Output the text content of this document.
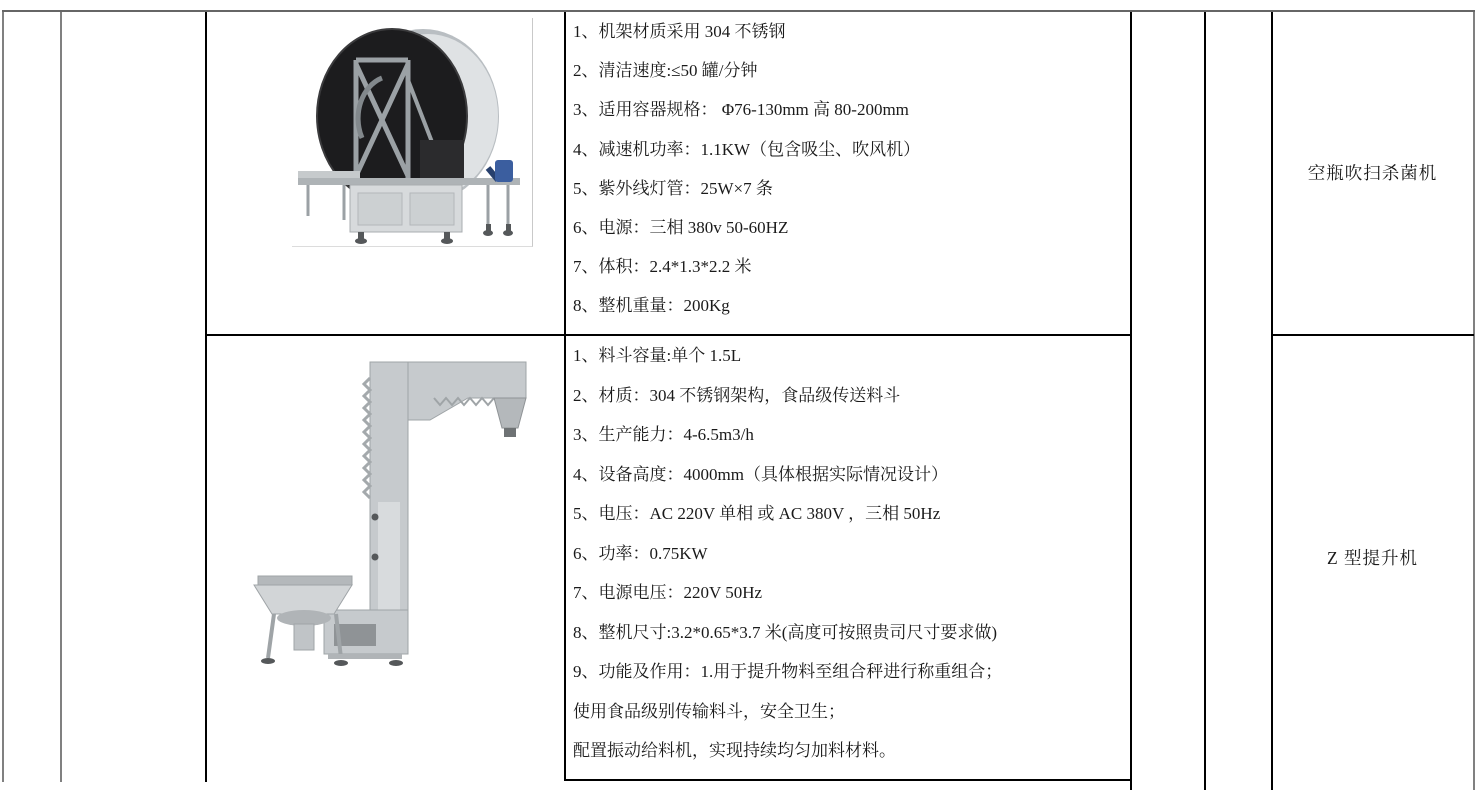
1、机架材质采用 304 不锈钢
2、清洁速度:≤50 罐/分钟
3、适用容器规格： Φ76-130mm 高 80-200mm
4、减速机功率：1.1KW（包含吸尘、吹风机）
5、紫外线灯管：25W×7 条
6、电源：三相 380v 50-60HZ
7、体积：2.4*1.3*2.2 米
8、整机重量：200Kg
空瓶吹扫杀菌机
1、料斗容量:单个 1.5L
2、材质：304 不锈钢架构，食品级传送料斗
3、生产能力：4-6.5m3/h
4、设备高度：4000mm（具体根据实际情况设计）
5、电压：AC 220V 单相 或 AC 380V ，三相 50Hz
6、功率：0.75KW
7、电源电压：220V 50Hz
8、整机尺寸:3.2*0.65*3.7 米(高度可按照贵司尺寸要求做)
9、功能及作用：1.用于提升物料至组合秤进行称重组合；
使用食品级别传输料斗，安全卫生；
配置振动给料机，实现持续均匀加料材料。
Z 型提升机
